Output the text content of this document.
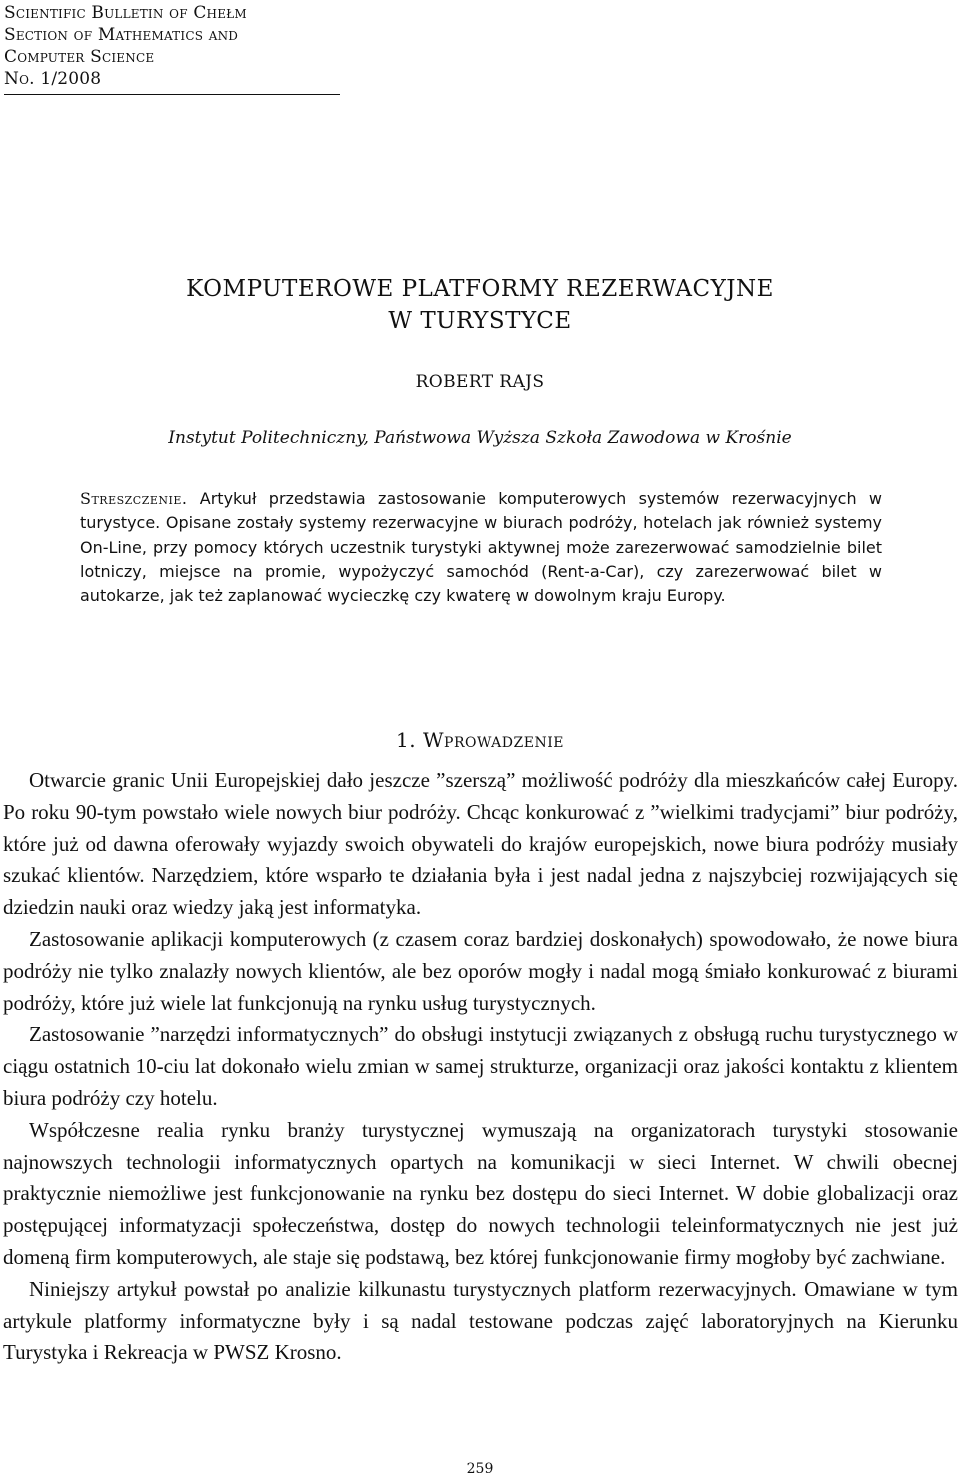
Scientific Bulletin of Chełm
Section of Mathematics and
Computer Science
No. 1/2008
KOMPUTEROWE PLATFORMY REZERWACYJNE
W TURYSTYCE
ROBERT RAJS
Instytut Politechniczny, Państwowa Wyższa Szkoła Zawodowa w Krośnie
Streszczenie. Artykuł przedstawia zastosowanie komputerowych systemów rezerwacyjnych w turystyce. Opisane zostały systemy rezerwacyjne w biurach podróży, hotelach jak również systemy On-Line, przy pomocy których uczestnik turystyki aktywnej może zarezerwować samodzielnie bilet lotniczy, miejsce na promie, wypożyczyć samochód (Rent-a-Car), czy zarezerwować bilet w autokarze, jak też zaplanować wycieczkę czy kwaterę w dowolnym kraju Europy.
1. Wprowadzenie

Otwarcie granic Unii Europejskiej dało jeszcze ”szerszą” możliwość podróży dla mieszkańców całej Europy. Po roku 90-tym powstało wiele nowych biur podróży. Chcąc konkurować z ”wielkimi tradycjami” biur podróży, które już od dawna oferowały wyjazdy swoich obywateli do krajów europejskich, nowe biura podróży musiały szukać klientów. Narzędziem, które wsparło te działania była i jest nadal jedna z najszybciej rozwijających się dziedzin nauki oraz wiedzy jaką jest informatyka.

Zastosowanie aplikacji komputerowych (z czasem coraz bardziej doskonałych) spowodowało, że nowe biura podróży nie tylko znalazły nowych klientów, ale bez oporów mogły i nadal mogą śmiało konkurować z biurami podróży, które już wiele lat funkcjonują na rynku usług turystycznych.

Zastosowanie ”narzędzi informatycznych” do obsługi instytucji związanych z obsługą ruchu turystycznego w ciągu ostatnich 10-ciu lat dokonało wielu zmian w samej strukturze, organizacji oraz jakości kontaktu z klientem biura podróży czy hotelu.

Współczesne realia rynku branży turystycznej wymuszają na organizatorach turystyki stosowanie najnowszych technologii informatycznych opartych na komunikacji w sieci Internet. W chwili obecnej praktycznie niemożliwe jest funkcjonowanie na rynku bez dostępu do sieci Internet. W dobie globalizacji oraz postępującej informatyzacji społeczeństwa, dostęp do nowych technologii teleinformatycznych nie jest już domeną firm komputerowych, ale staje się podstawą, bez której funkcjonowanie firmy mogłoby być zachwiane.

Niniejszy artykuł powstał po analizie kilkunastu turystycznych platform rezerwacyjnych. Omawiane w tym artykule platformy informatyczne były i są nadal testowane podczas zajęć laboratoryjnych na Kierunku Turystyka i Rekreacja w PWSZ Krosno.

259
